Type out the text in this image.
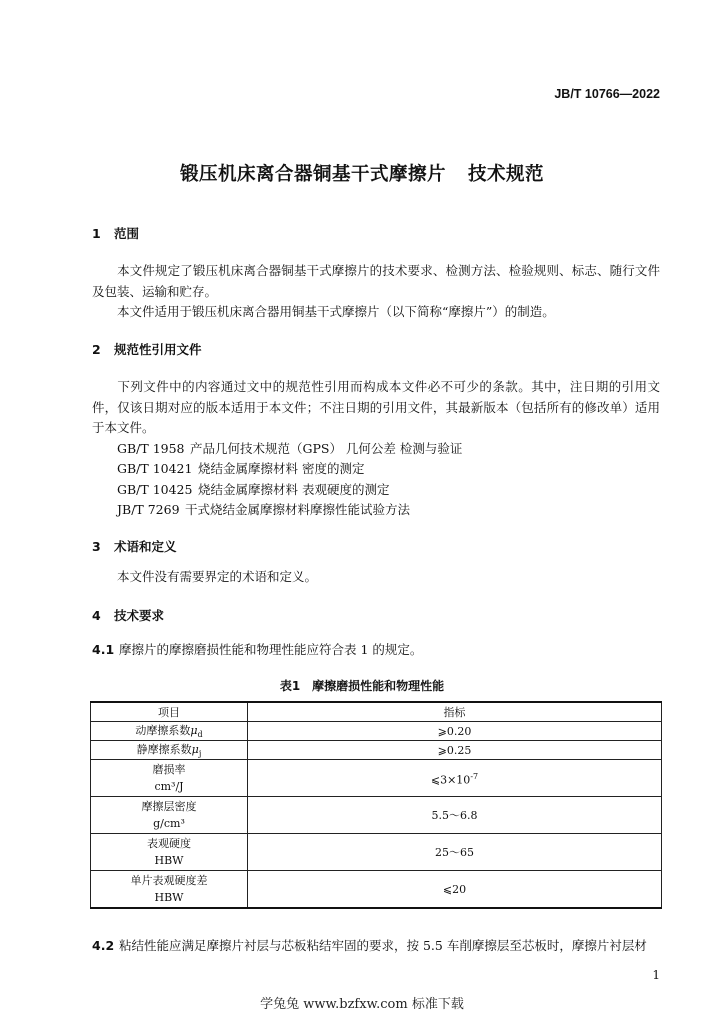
JB/T 10766—2022
锻压机床离合器铜基干式摩擦片 技术规范
1 范围

本文件规定了锻压机床离合器铜基干式摩擦片的技术要求、检测方法、检验规则、标志、随行文件及包装、运输和贮存。

本文件适用于锻压机床离合器用铜基干式摩擦片（以下简称“摩擦片”）的制造。

2 规范性引用文件

下列文件中的内容通过文中的规范性引用而构成本文件必不可少的条款。其中，注日期的引用文件，仅该日期对应的版本适用于本文件；不注日期的引用文件，其最新版本（包括所有的修改单）适用于本文件。

GB/T 1958 产品几何技术规范（GPS） 几何公差 检测与验证
GB/T 10421 烧结金属摩擦材料 密度的测定
GB/T 10425 烧结金属摩擦材料 表观硬度的测定
JB/T 7269 干式烧结金属摩擦材料摩擦性能试验方法
3 术语和定义

本文件没有需要界定的术语和定义。

4 技术要求
4.1 摩擦片的摩擦磨损性能和物理性能应符合表 1 的规定。
表1 摩擦磨损性能和物理性能
项目	指标
动摩擦系数$\mu_d$	⩾0.20
静摩擦系数$\mu_j$	⩾0.25

磨损率
cm³/J	$⩽3\times 10^{-7}$

摩擦层密度
g/cm³	5.5～6.8

表观硬度
HBW	25～65

单片表观硬度差
HBW	⩽20
4.2 粘结性能应满足摩擦片衬层与芯板粘结牢固的要求，按 5.5 车削摩擦层至芯板时，摩擦片衬层材
1
学兔兔 www.bzfxw.com 标准下载
